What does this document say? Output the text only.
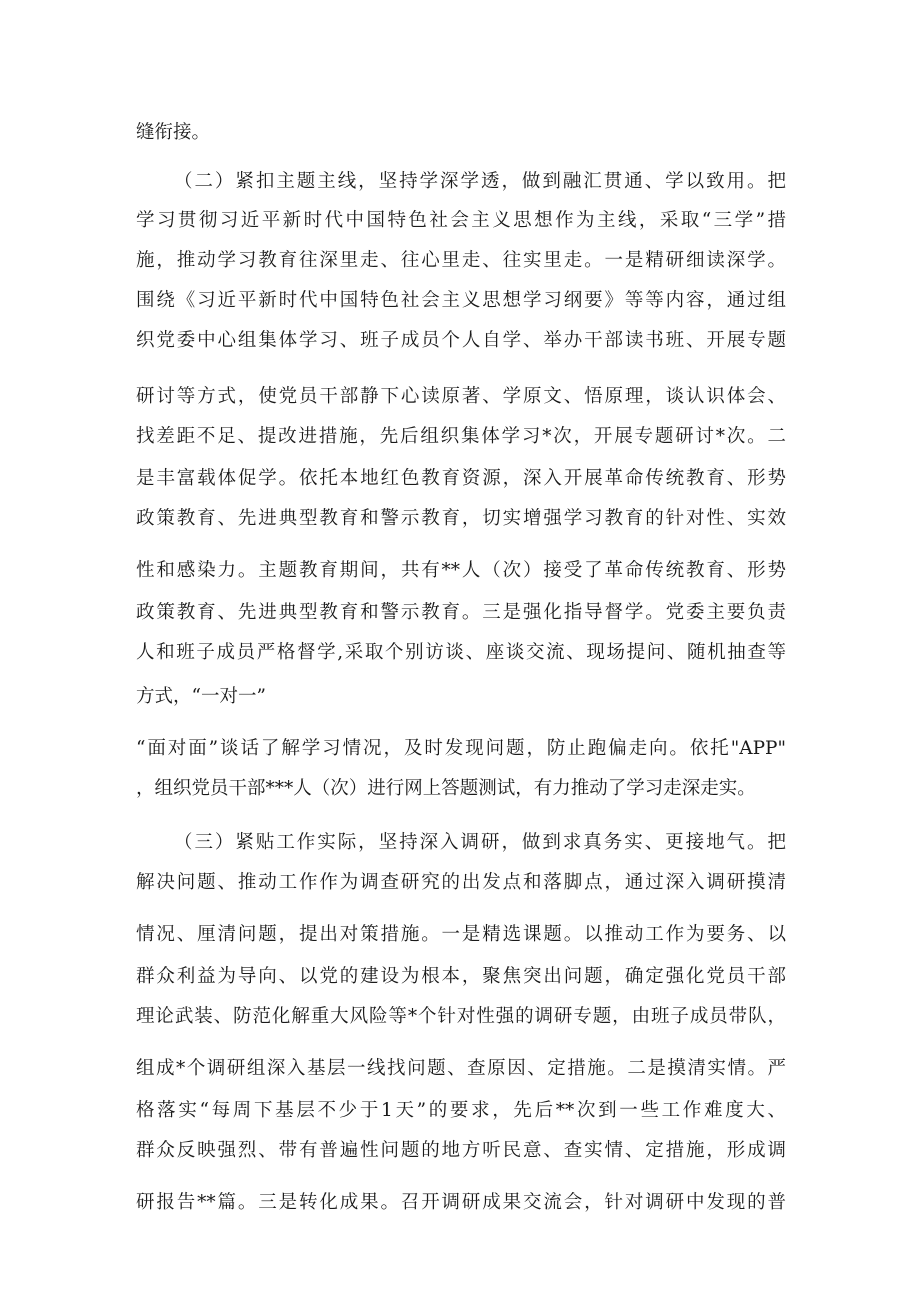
缝衔接。
（二）紧扣主题主线，坚持学深学透，做到融汇贯通、学以致用。把
学习贯彻习近平新时代中国特色社会主义思想作为主线，采取“三学”措
施，推动学习教育往深里走、往心里走、往实里走。一是精研细读深学。
围绕《习近平新时代中国特色社会主义思想学习纲要》等等内容，通过组
织党委中心组集体学习、班子成员个人自学、举办干部读书班、开展专题
研讨等方式，使党员干部静下心读原著、学原文、悟原理，谈认识体会、
找差距不足、提改进措施，先后组织集体学习*次，开展专题研讨*次。二
是丰富载体促学。依托本地红色教育资源，深入开展革命传统教育、形势
政策教育、先进典型教育和警示教育，切实增强学习教育的针对性、实效
性和感染力。主题教育期间，共有**人（次）接受了革命传统教育、形势
政策教育、先进典型教育和警示教育。三是强化指导督学。党委主要负责
人和班子成员严格督学,采取个别访谈、座谈交流、现场提问、随机抽查等
方式，“一对一”
“面对面”谈话了解学习情况，及时发现问题，防止跑偏走向。依托"APP"
，组织党员干部***人（次）进行网上答题测试，有力推动了学习走深走实。
（三）紧贴工作实际，坚持深入调研，做到求真务实、更接地气。把
解决问题、推动工作作为调查研究的出发点和落脚点，通过深入调研摸清
情况、厘清问题，提出对策措施。一是精选课题。以推动工作为要务、以
群众利益为导向、以党的建设为根本，聚焦突出问题，确定强化党员干部
理论武装、防范化解重大风险等*个针对性强的调研专题，由班子成员带队，
组成*个调研组深入基层一线找问题、查原因、定措施。二是摸清实情。严
格落实“每周下基层不少于1天”的要求，先后**次到一些工作难度大、
群众反映强烈、带有普遍性问题的地方听民意、查实情、定措施，形成调
研报告**篇。三是转化成果。召开调研成果交流会，针对调研中发现的普
